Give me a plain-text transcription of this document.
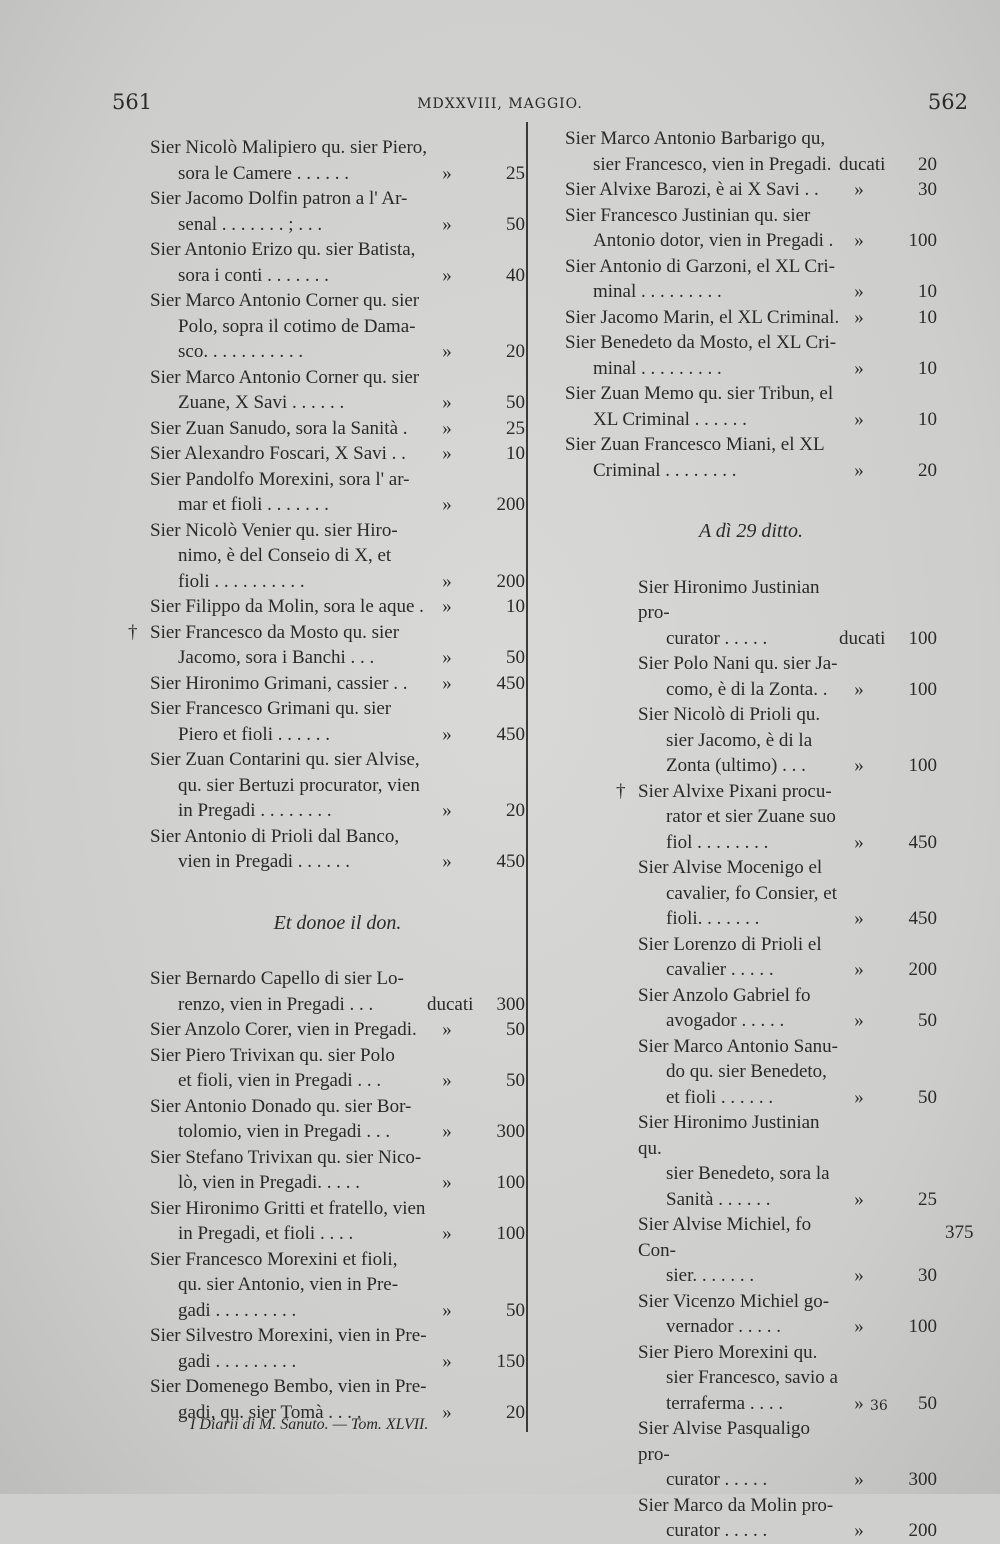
561	MDXXVIII, MAGGIO.	562
Sier Nicolò Malipiero qu. sier Piero,
sora le Camere . . . . . .	»	25
Sier Jacomo Dolfin patron a l' Ar-
senal . . . . . . . ; . . .	»	50
Sier Antonio Erizo qu. sier Batista,
sora i conti . . . . . . .	»	40
Sier Marco Antonio Corner qu. sier
Polo, sopra il cotimo de Dama-
sco. . . . . . . . . . .	»	20
Sier Marco Antonio Corner qu. sier
Zuane, X Savi . . . . . .	»	50
Sier Zuan Sanudo, sora la Sanità .	»	25
Sier Alexandro Foscari, X Savi . .	»	10
Sier Pandolfo Morexini, sora l' ar-
mar et fioli . . . . . . .	»	200
Sier Nicolò Venier qu. sier Hiro-
nimo, è del Conseio di X, et
fioli . . . . . . . . . .	»	200
Sier Filippo da Molin, sora le aque . »	10
† Sier Francesco da Mosto qu. sier
Jacomo, sora i Banchi . . .	»	50
Sier Hironimo Grimani, cassier . .	»	450
Sier Francesco Grimani qu. sier
Piero et fioli . . . . . .	»	450
Sier Zuan Contarini qu. sier Alvise,
qu. sier Bertuzi procurator, vien
in Pregadi . . . . . . . .	»	20
Sier Antonio di Prioli dal Banco,
vien in Pregadi . . . . . .	»	450
Et donoe il don.
Sier Bernardo Capello di sier Lo-
renzo, vien in Pregadi . . .	ducati	300
Sier Anzolo Corer, vien in Pregadi.	»	50
Sier Piero Trivixan qu. sier Polo
et fioli, vien in Pregadi . . .	»	50
Sier Antonio Donado qu. sier Bor-
tolomio, vien in Pregadi . . .	»	300
Sier Stefano Trivixan qu. sier Nico-
lò, vien in Pregadi. . . . .	»	100
Sier Hironimo Gritti et fratello, vien
in Pregadi, et fioli . . . .	»	100
Sier Francesco Morexini et fioli,
qu. sier Antonio, vien in Pre-
gadi . . . . . . . . .	»	50
Sier Silvestro Morexini, vien in Pre-
gadi . . . . . . . . .	»	150
Sier Domenego Bembo, vien in Pre-
gadi, qu. sier Tomà . . . .	»	20
Sier Marco Antonio Barbarigo qu,
sier Francesco, vien in Pregadi. ducati	20
Sier Alvixe Barozi, è ai X Savi . .	»	30
Sier Francesco Justinian qu. sier
Antonio dotor, vien in Pregadi .	»	100
Sier Antonio di Garzoni, el XL Cri-
minal . . . . . . . . .	»	10
Sier Jacomo Marin, el XL Criminal. »	10
Sier Benedeto da Mosto, el XL Cri-
minal . . . . . . . . .	»	10
Sier Zuan Memo qu. sier Tribun, el
XL Criminal . . . . . .	»	10
Sier Zuan Francesco Miani, el XL
Criminal . . . . . . . .	»	20
A dì 29 ditto.
Sier Hironimo Justinian pro-
curator . . . . .	ducati	100
Sier Polo Nani qu. sier Ja-
como, è di la Zonta. .	»	100
Sier Nicolò di Prioli qu.
sier Jacomo, è di la
Zonta (ultimo) . . .	»	100
† Sier Alvixe Pixani procu-
rator et sier Zuane suo
fiol . . . . . . . .	»	450
Sier Alvise Mocenigo el
cavalier, fo Consier, et
fioli. . . . . . .	»	450
Sier Lorenzo di Prioli el
cavalier . . . . .	»	200
Sier Anzolo Gabriel fo
avogador . . . . .	»	50
Sier Marco Antonio Sanu-
do qu. sier Benedeto,
et fioli . . . . . .	»	50
Sier Hironimo Justinian qu.
sier Benedeto, sora la
Sanità . . . . . .	»	25
Sier Alvise Michiel, fo Con-
sier. . . . . . .	»	30
Sier Vicenzo Michiel go-
vernador . . . . .	»	100
Sier Piero Morexini qu.
sier Francesco, savio a
terraferma . . . .	»	50
Sier Alvise Pasqualigo pro-
curator . . . . .	»	300
Sier Marco da Molin pro-
curator . . . . .	»	200
I Diarii di M. Sanuto. — Tom. XLVII.
36
375
